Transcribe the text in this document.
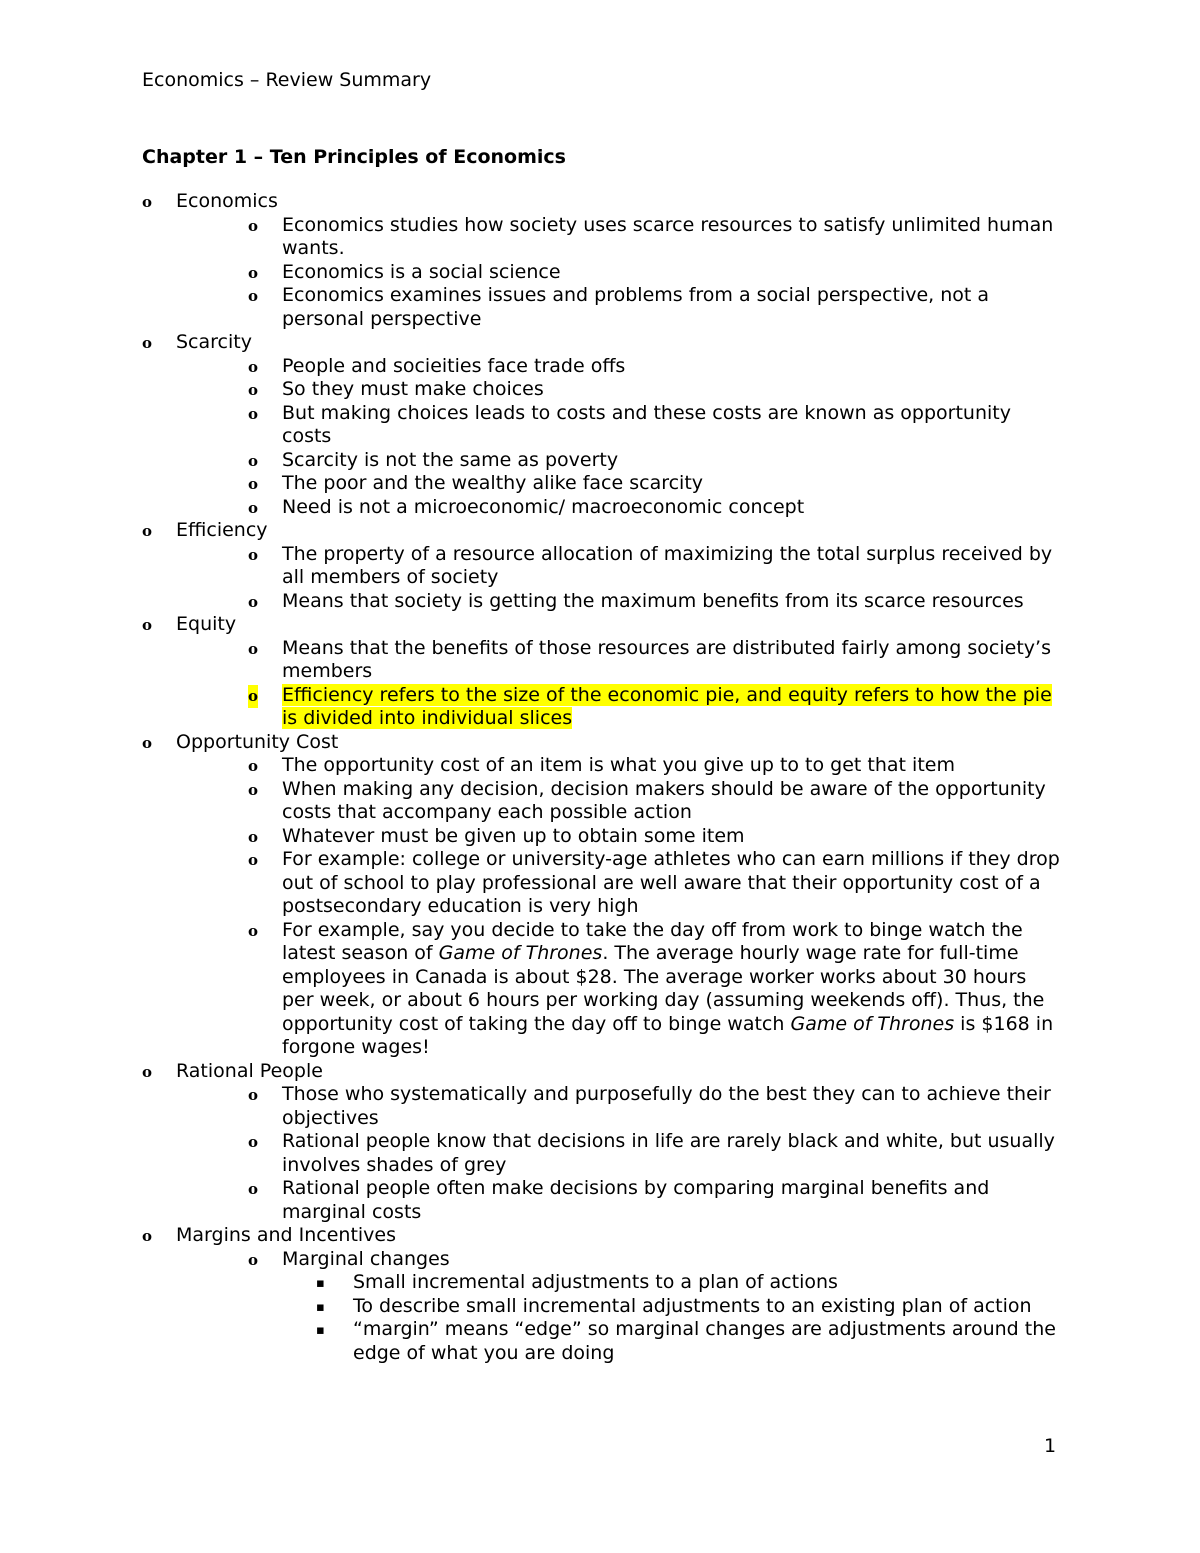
Economics – Review Summary
Chapter 1 – Ten Principles of Economics
o Economics
o Economics studies how society uses scarce resources to satisfy unlimited human wants.
o Economics is a social science
o Economics examines issues and problems from a social perspective, not a personal perspective
o Scarcity
o People and socieities face trade offs
o So they must make choices
o But making choices leads to costs and these costs are known as opportunity costs
o Scarcity is not the same as poverty
o The poor and the wealthy alike face scarcity
o Need is not a microeconomic/ macroeconomic concept
o Efficiency
o The property of a resource allocation of maximizing the total surplus received by all members of society
o Means that society is getting the maximum benefits from its scarce resources
o Equity
o Means that the benefits of those resources are distributed fairly among society’s members
o Efficiency refers to the size of the economic pie, and equity refers to how the pie is divided into individual slices
o Opportunity Cost
o The opportunity cost of an item is what you give up to to get that item
o When making any decision, decision makers should be aware of the opportunity costs that accompany each possible action
o Whatever must be given up to obtain some item
o For example: college or university-age athletes who can earn millions if they drop out of school to play professional are well aware that their opportunity cost of a postsecondary education is very high
o For example, say you decide to take the day off from work to binge watch the latest season of Game of Thrones. The average hourly wage rate for full-time employees in Canada is about $28. The average worker works about 30 hours per week, or about 6 hours per working day (assuming weekends off). Thus, the opportunity cost of taking the day off to binge watch Game of Thrones is $168 in forgone wages!
o Rational People
o Those who systematically and purposefully do the best they can to achieve their objectives
o Rational people know that decisions in life are rarely black and white, but usually involves shades of grey
o Rational people often make decisions by comparing marginal benefits and marginal costs
o Margins and Incentives
o Marginal changes
▪ Small incremental adjustments to a plan of actions
▪ To describe small incremental adjustments to an existing plan of action
▪ “margin” means “edge” so marginal changes are adjustments around the edge of what you are doing
1
